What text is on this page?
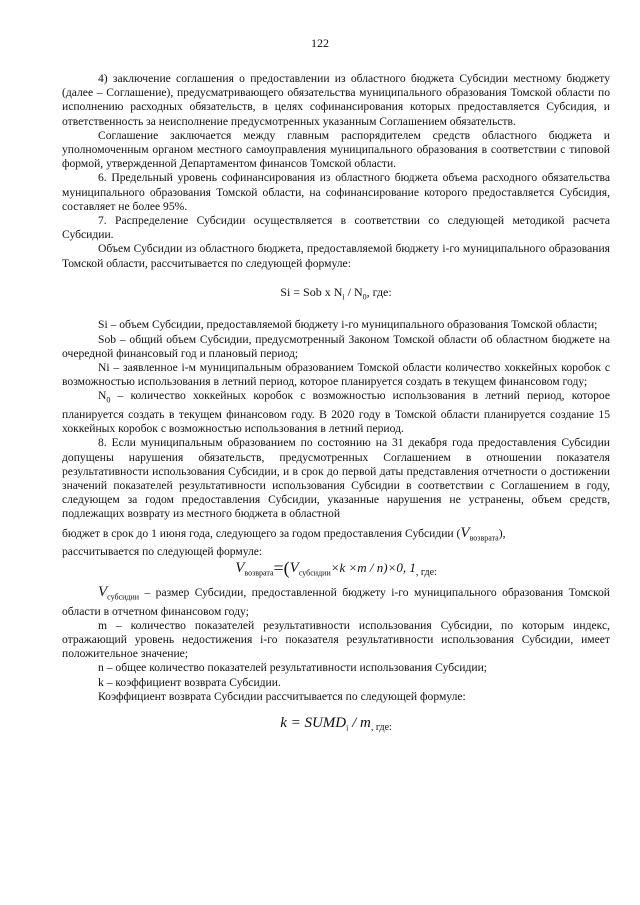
122

4) заключение соглашения о предоставлении из областного бюджета Субсидии местному бюджету (далее – Соглашение), предусматривающего обязательства муниципального образования Томской области по исполнению расходных обязательств, в целях софинансирования которых предоставляется Субсидия, и ответственность за неисполнение предусмотренных указанным Соглашением обязательств.

Соглашение заключается между главным распорядителем средств областного бюджета и уполномоченным органом местного самоуправления муниципального образования в соответствии с типовой формой, утвержденной Департаментом финансов Томской области.

6. Предельный уровень софинансирования из областного бюджета объема расходного обязательства муниципального образования Томской области, на софинансирование которого предоставляется Субсидия, составляет не более 95%.

7. Распределение Субсидии осуществляется в соответствии со следующей методикой расчета Субсидии.

Объем Субсидии из областного бюджета, предоставляемой бюджету i-го муниципального образования Томской области, рассчитывается по следующей формуле:

Si = Sob x $N_i / N_0$, где:

Si – объем Субсидии, предоставляемой бюджету i-го муниципального образования Томской области;

Sob – общий объем Субсидии, предусмотренный Законом Томской области об областном бюджете на очередной финансовый год и плановый период;

Ni – заявленное i-м муниципальным образованием Томской области количество хоккейных коробок с возможностью использования в летний период, которое планируется создать в текущем финансовом году;

$N_0$ – количество хоккейных коробок с возможностью использования в летний период, которое планируется создать в текущем финансовом году. В 2020 году в Томской области планируется создание 15 хоккейных коробок с возможностью использования в летний период.

8. Если муниципальным образованием по состоянию на 31 декабря года предоставления Субсидии допущены нарушения обязательств, предусмотренных Соглашением в отношении показателя результативности использования Субсидии, и в срок до первой даты представления отчетности о достижении значений показателей результативности использования Субсидии в соответствии с Соглашением в году, следующем за годом предоставления Субсидии, указанные нарушения не устранены, объем средств, подлежащих возврату из местного бюджета в областной

бюджет в срок до 1 июня года, следующего за годом предоставления Субсидии $(V_{возврата})$,

рассчитывается по следующей формуле:

$V_{возврата}=(V_{субсидии}\times k \times m / n)\times 0$, $1_{, где:}$

$V_{субсидии}$ – размер Субсидии, предоставленной бюджету i-го муниципального образования Томской области в отчетном финансовом году;

m – количество показателей результативности использования Субсидии, по которым индекс, отражающий уровень недостижения i-го показателя результативности использования Субсидии, имеет положительное значение;

n – общее количество показателей результативности использования Субсидии;

k – коэффициент возврата Субсидии.

Коэффициент возврата Субсидии рассчитывается по следующей формуле:

$k = SUMD_i / m_{, где:}$
